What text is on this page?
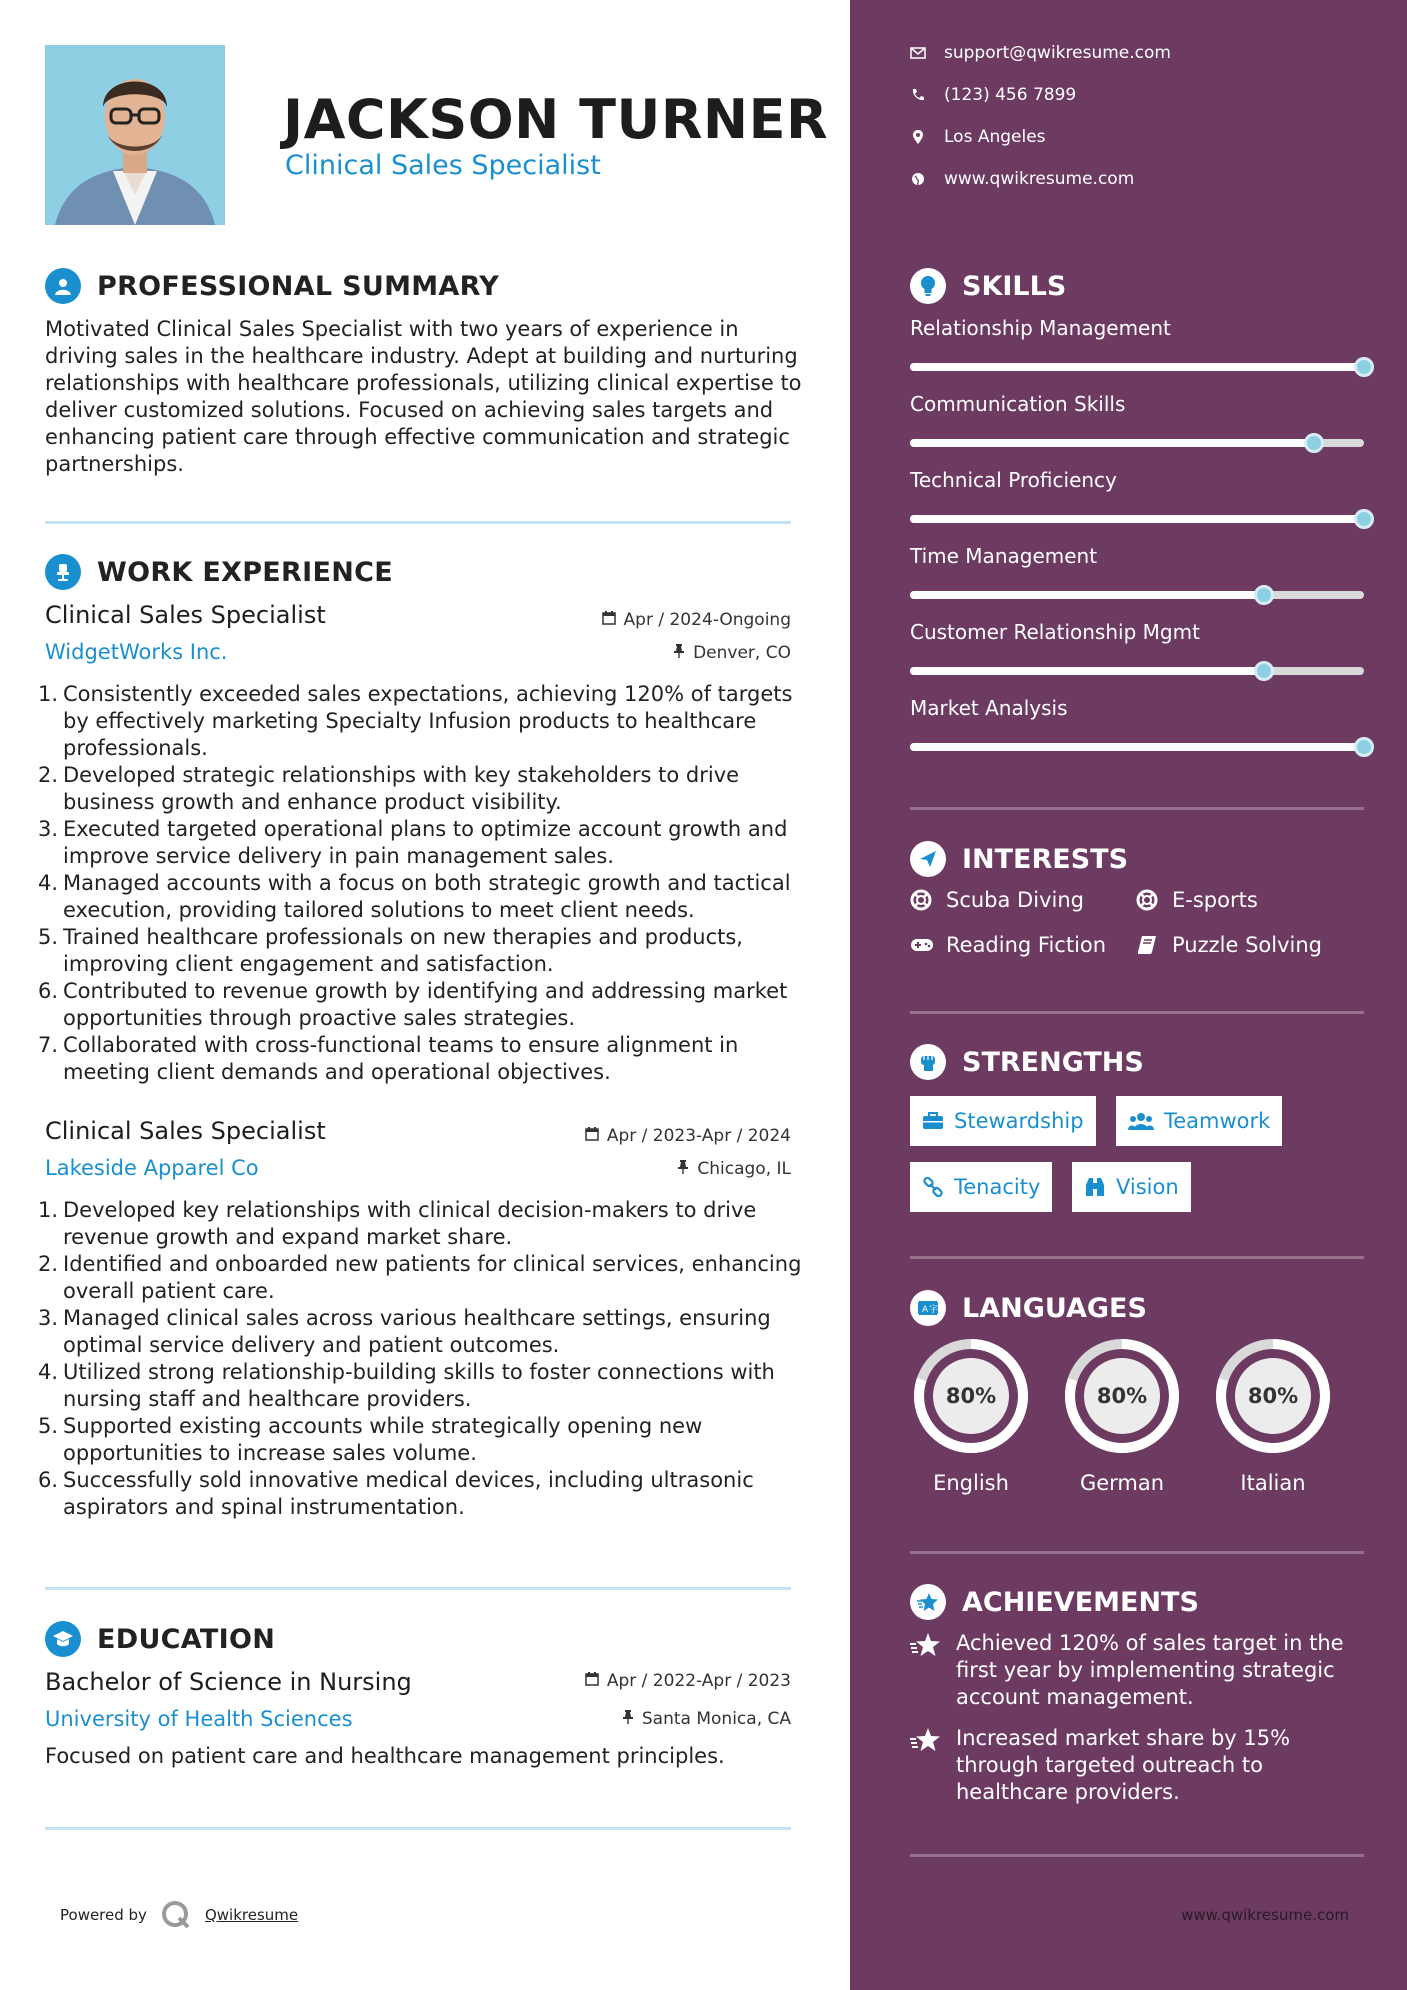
JACKSON TURNER
Clinical Sales Specialist
PROFESSIONAL SUMMARY
Motivated Clinical Sales Specialist with two years of experience in driving sales in the healthcare industry. Adept at building and nurturing relationships with healthcare professionals, utilizing clinical expertise to deliver customized solutions. Focused on achieving sales targets and enhancing patient care through effective communication and strategic partnerships.
WORK EXPERIENCE
Clinical Sales Specialist	Apr / 2024-Ongoing
WidgetWorks Inc.	Denver, CO
1. Consistently exceeded sales expectations, achieving 120% of targets by effectively marketing Specialty Infusion products to healthcare professionals.
2. Developed strategic relationships with key stakeholders to drive business growth and enhance product visibility.
3. Executed targeted operational plans to optimize account growth and improve service delivery in pain management sales.
4. Managed accounts with a focus on both strategic growth and tactical execution, providing tailored solutions to meet client needs.
5. Trained healthcare professionals on new therapies and products, improving client engagement and satisfaction.
6. Contributed to revenue growth by identifying and addressing market opportunities through proactive sales strategies.
7. Collaborated with cross-functional teams to ensure alignment in meeting client demands and operational objectives.
Clinical Sales Specialist	Apr / 2023-Apr / 2024
Lakeside Apparel Co	Chicago, IL
1. Developed key relationships with clinical decision-makers to drive revenue growth and expand market share.
2. Identified and onboarded new patients for clinical services, enhancing overall patient care.
3. Managed clinical sales across various healthcare settings, ensuring optimal service delivery and patient outcomes.
4. Utilized strong relationship-building skills to foster connections with nursing staff and healthcare providers.
5. Supported existing accounts while strategically opening new opportunities to increase sales volume.
6. Successfully sold innovative medical devices, including ultrasonic aspirators and spinal instrumentation.
EDUCATION
Bachelor of Science in Nursing	Apr / 2022-Apr / 2023
University of Health Sciences	Santa Monica, CA
Focused on patient care and healthcare management principles.
Powered by	Qwikresume	www.qwikresume.com
support@qwikresume.com
(123) 456 7899
Los Angeles
www.qwikresume.com
SKILLS
Relationship Management
Communication Skills
Technical Proficiency
Time Management
Customer Relationship Mgmt
Market Analysis
INTERESTS
Scuba Diving	E-sports
Reading Fiction	Puzzle Solving
STRENGTHS
Stewardship	Teamwork
Tenacity	Vision
A 字 LANGUAGES
80%
English
80%
German
80%
Italian
ACHIEVEMENTS
Achieved 120% of sales target in the first year by implementing strategic account management.
Increased market share by 15% through targeted outreach to healthcare providers.
